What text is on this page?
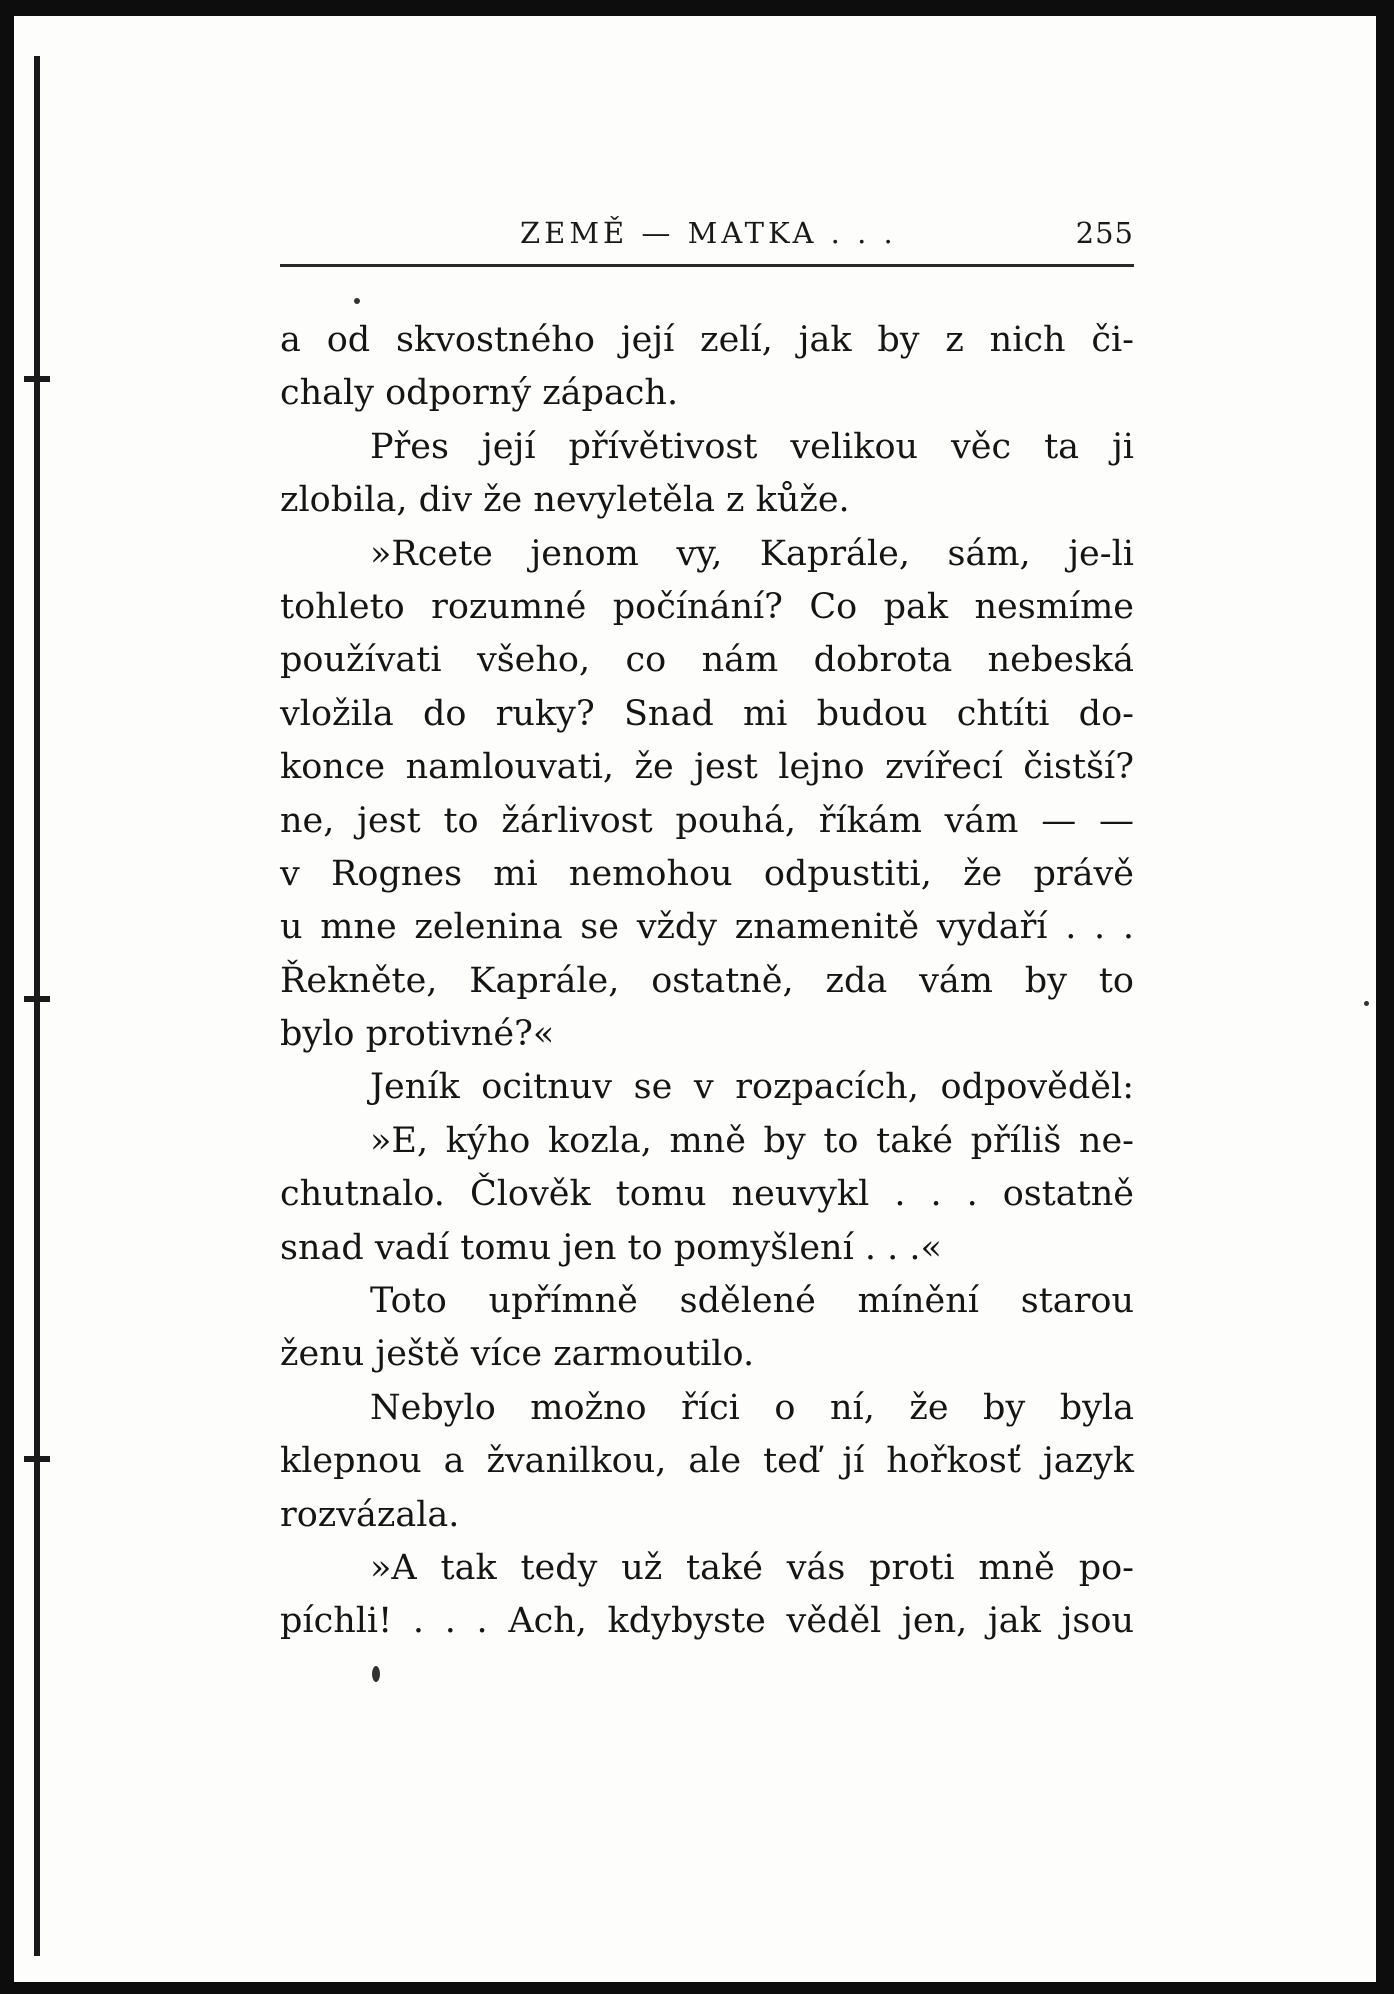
ZEMĚ — MATKA . . .	255
a od skvostného její zelí, jak by z nich či-
chaly odporný zápach.
Přes její přívětivost velikou věc ta ji
zlobila, div že nevyletěla z kůže.
»Rcete jenom vy, Kaprále, sám, je-li
tohleto rozumné počínání? Co pak nesmíme
používati všeho, co nám dobrota nebeská
vložila do ruky? Snad mi budou chtíti do-
konce namlouvati, že jest lejno zvířecí čistší?
ne, jest to žárlivost pouhá, říkám vám — —
v Rognes mi nemohou odpustiti, že právě
u mne zelenina se vždy znamenitě vydaří . . .
Řekněte, Kaprále, ostatně, zda vám by to
bylo protivné?«
Jeník ocitnuv se v rozpacích, odpověděl:
»E, kýho kozla, mně by to také příliš ne-
chutnalo. Člověk tomu neuvykl . . . ostatně
snad vadí tomu jen to pomyšlení . . .«
Toto upřímně sdělené mínění starou
ženu ještě více zarmoutilo.
Nebylo možno říci o ní, že by byla
klepnou a žvanilkou, ale teď jí hořkosť jazyk
rozvázala.
»A tak tedy už také vás proti mně po-
píchli! . . . Ach, kdybyste věděl jen, jak jsou
